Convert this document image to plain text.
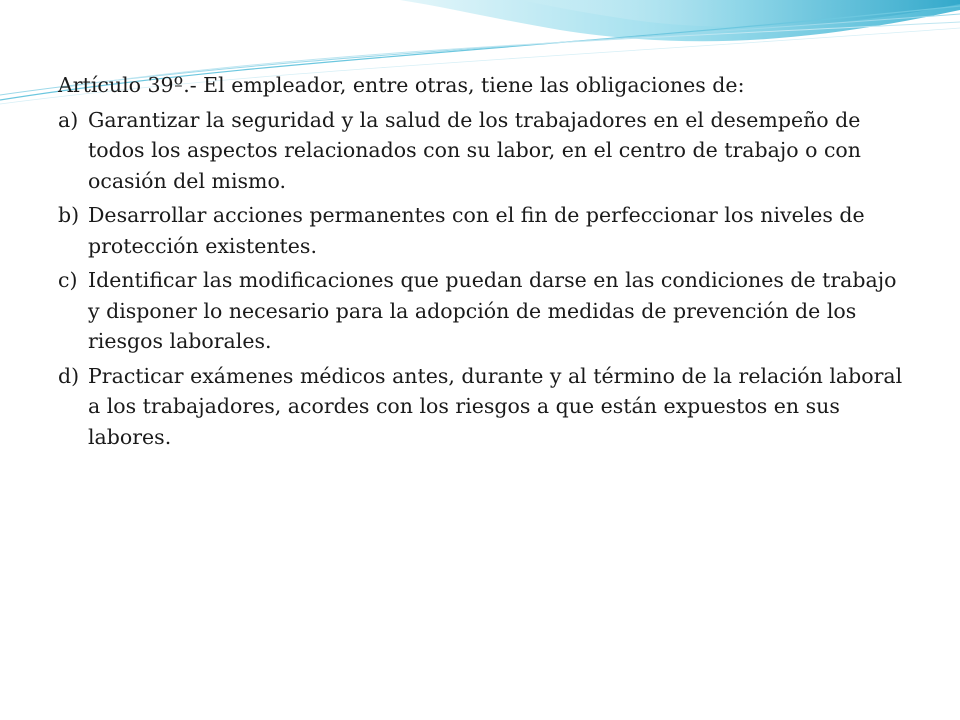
Artículo 39º.- El empleador, entre otras, tiene las obligaciones de:
a) Garantizar la seguridad y la salud de los trabajadores en el desempeño de todos los aspectos relacionados con su labor, en el centro de trabajo o con ocasión del mismo.
b) Desarrollar acciones permanentes con el fin de perfeccionar los niveles de protección existentes.
c) Identificar las modificaciones que puedan darse en las condiciones de trabajo y disponer lo necesario para la adopción de medidas de prevención de los riesgos laborales.
d) Practicar exámenes médicos antes, durante y al término de la relación laboral a los trabajadores, acordes con los riesgos a que están expuestos en sus labores.
